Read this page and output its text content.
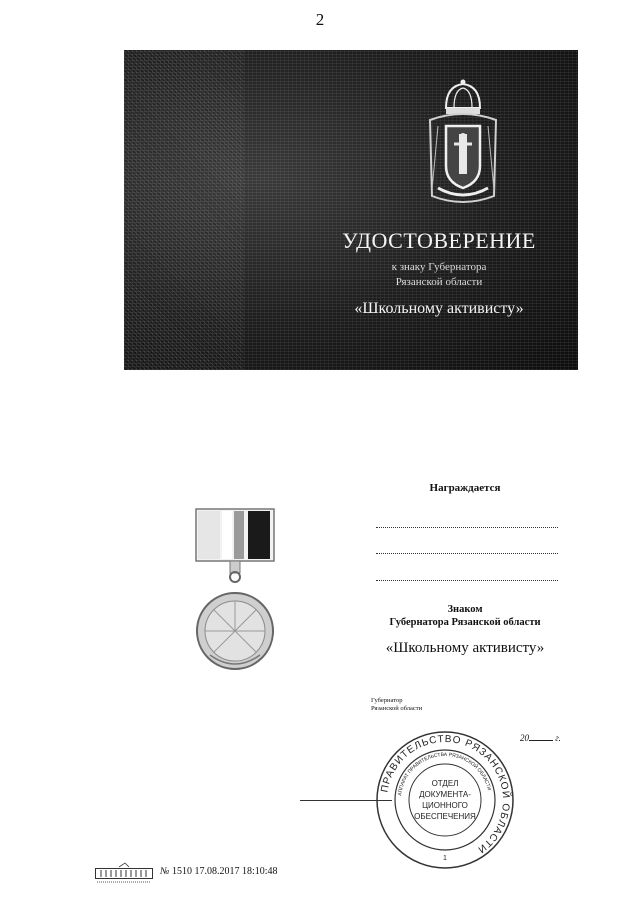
2
УДОСТОВЕРЕНИЕ
к знаку Губернатора
Рязанской области
«Школьному активисту»
Награждается
Знаком
Губернатора Рязанской области
«Школьному активисту»
Губернатор
Рязанской области
20	г.
ПРАВИТЕЛЬСТВО РЯЗАНСКОЙ ОБЛАСТИ
АППАРАТ ПРАВИТЕЛЬСТВА РЯЗАНСКОЙ ОБЛАСТИ
ОТДЕЛ
ДОКУМЕНТА-
ЦИОННОГО
ОБЕСПЕЧЕНИЯ
1
№ 1510 17.08.2017 18:10:48
